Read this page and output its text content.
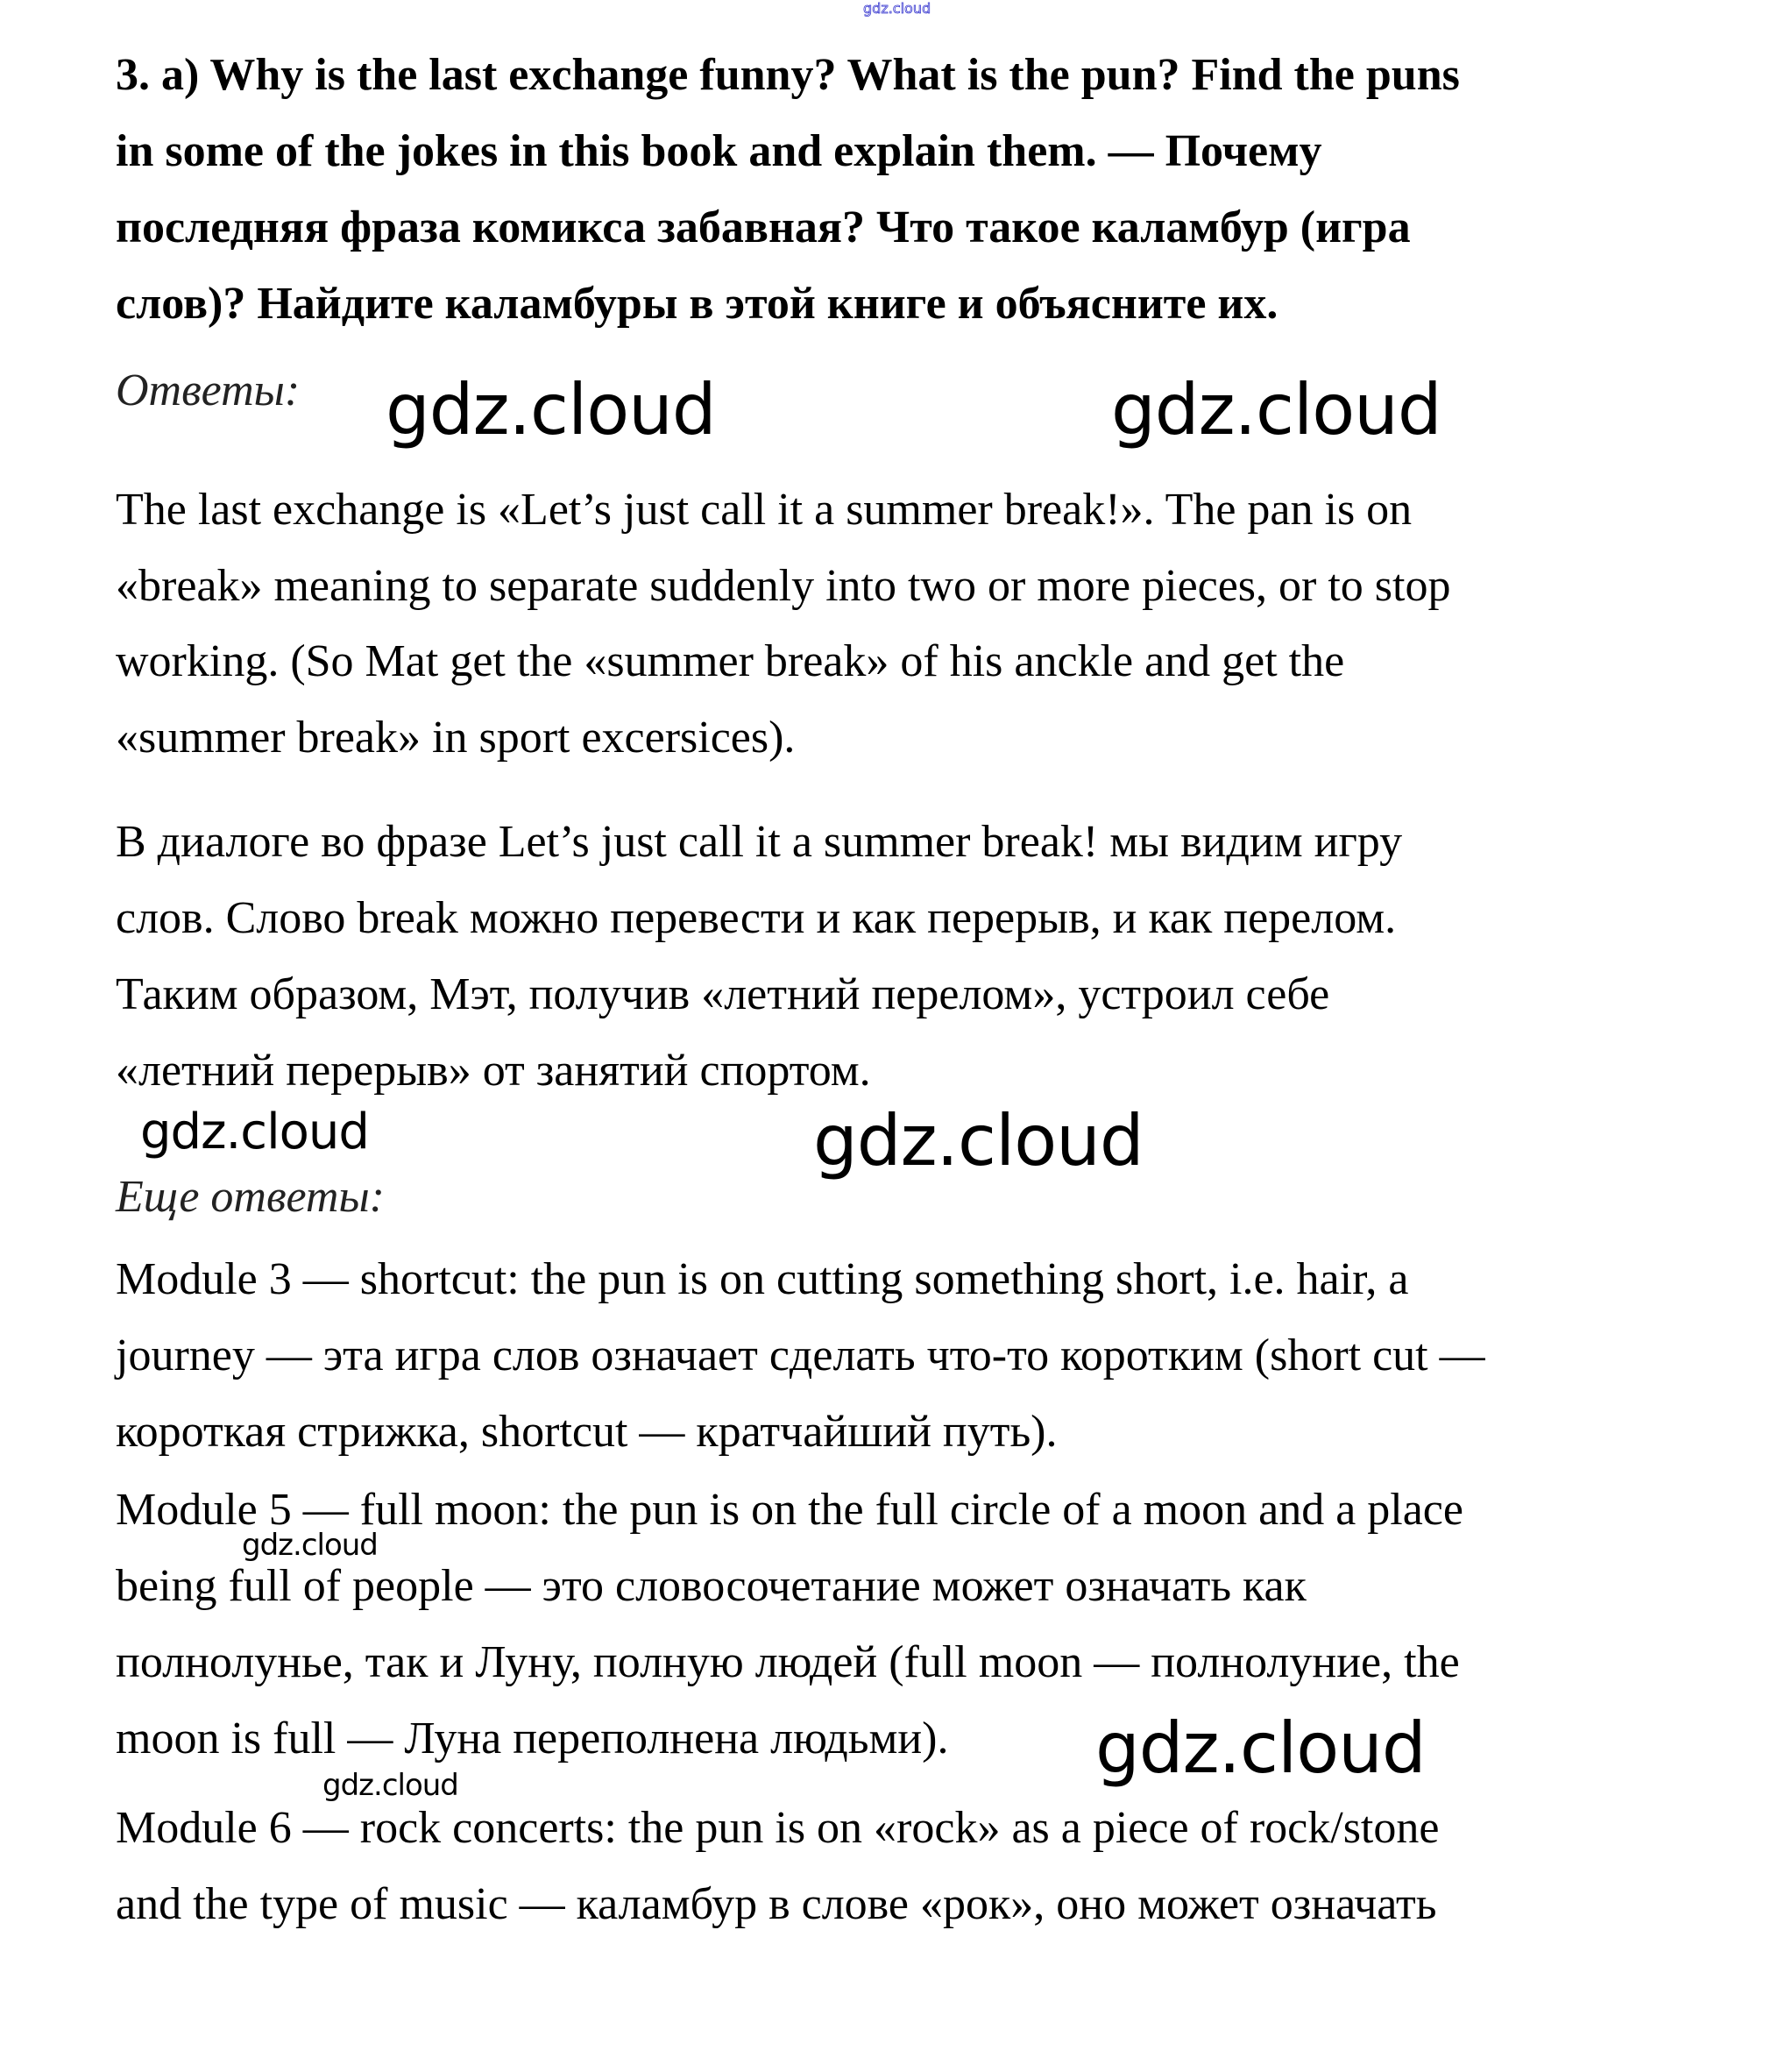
gdz.cloud
3. a) Why is the last exchange funny? What is the pun? Find the puns
in some of the jokes in this book and explain them. — Почему
последняя фраза комикса забавная? Что такое каламбур (игра
слов)? Найдите каламбуры в этой книге и объясните их.
Ответы: gdz.cloud	gdz.cloud
The last exchange is «Let’s just call it a summer break!». The pan is on
«break» meaning to separate suddenly into two or more pieces, or to stop
working. (So Mat get the «summer break» of his anckle and get the
«summer break» in sport excersices).
В диалоге во фразе Let’s just call it a summer break! мы видим игру
слов. Слово break можно перевести и как перерыв, и как перелом.
Таким образом, Мэт, получив «летний перелом», устроил себе
«летний перерыв» от занятий спортом.
gdz.cloud	gdz.cloud
Еще ответы:
Module 3 — shortcut: the pun is on cutting something short, i.e. hair, a
journey — эта игра слов означает сделать что-то коротким (short cut —
короткая стрижка, shortcut — кратчайший путь).
Module 5 — full moon: the pun is on the full circle of a moon and a place
being full of people — это словосочетание может означать как
полнолунье, так и Луну, полную людей (full moon — полнолуние, the
moon is full — Луна переполнена людьми).
Module 6 — rock concerts: the pun is on «rock» as a piece of rock/stone
and the type of music — каламбур в слове «рок», оно может означать
gdz.cloud
gdz.cloud
gdz.cloud
